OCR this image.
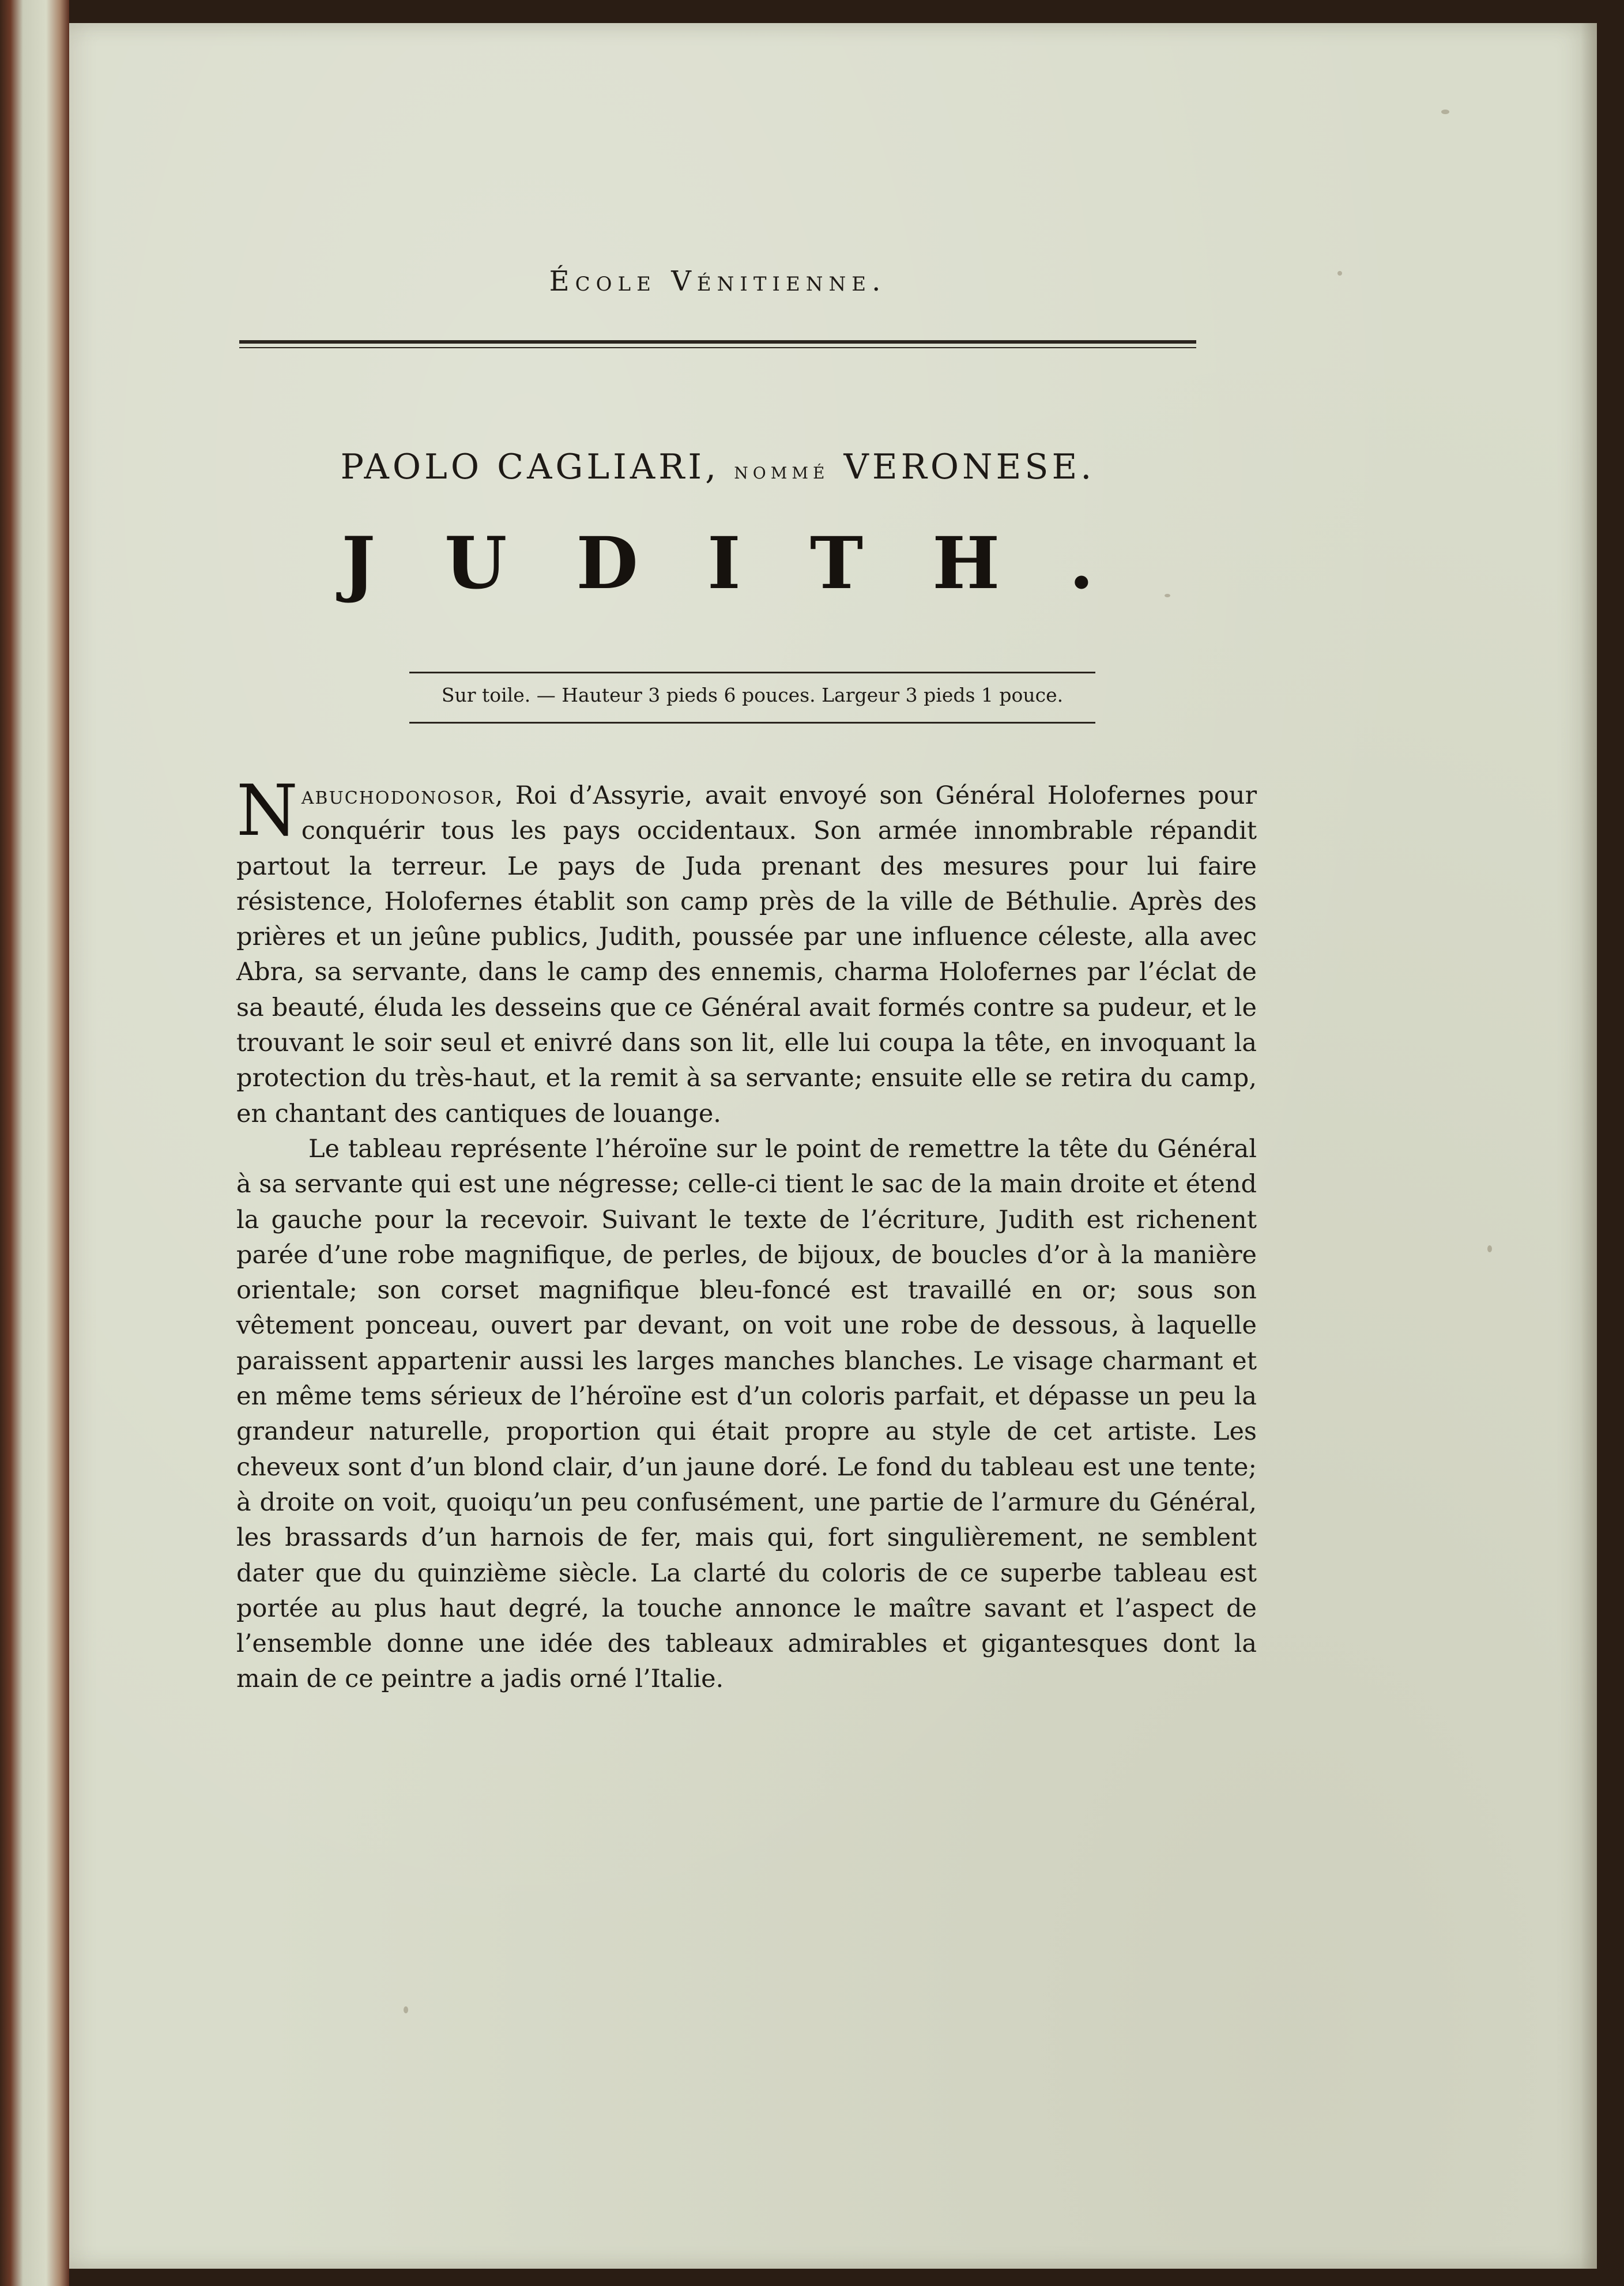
École Vénitienne.
PAOLO CAGLIARI, nommé VERONESE.
JUDITH.
Sur toile. — Hauteur 3 pieds 6 pouces. Largeur 3 pieds 1 pouce.

Nabuchodonosor, Roi d’Assyrie, avait envoyé son Général Holofernes pour conquérir tous les pays occidentaux. Son armée innombrable répandit partout la terreur. Le pays de Juda prenant des mesures pour lui faire résistence, Holofernes établit son camp près de la ville de Béthulie. Après des prières et un jeûne publics, Judith, poussée par une influence céleste, alla avec Abra, sa servante, dans le camp des ennemis, charma Holofernes par l’éclat de sa beauté, éluda les desseins que ce Général avait formés contre sa pudeur, et le trouvant le soir seul et enivré dans son lit, elle lui coupa la tête, en invoquant la protection du très-haut, et la remit à sa servante; ensuite elle se retira du camp, en chantant des cantiques de louange.

Le tableau représente l’héroïne sur le point de remettre la tête du Général à sa servante qui est une négresse; celle-ci tient le sac de la main droite et étend la gauche pour la recevoir. Suivant le texte de l’écriture, Judith est richenent parée d’une robe magnifique, de perles, de bijoux, de boucles d’or à la manière orientale; son corset magnifique bleu-foncé est travaillé en or; sous son vêtement ponceau, ouvert par devant, on voit une robe de dessous, à laquelle paraissent appartenir aussi les larges manches blanches. Le visage charmant et en même tems sérieux de l’héroïne est d’un coloris parfait, et dépasse un peu la grandeur naturelle, proportion qui était propre au style de cet artiste. Les cheveux sont d’un blond clair, d’un jaune doré. Le fond du tableau est une tente; à droite on voit, quoiqu’un peu confusément, une partie de l’armure du Général, les brassards d’un harnois de fer, mais qui, fort singulièrement, ne semblent dater que du quinzième siècle. La clarté du coloris de ce superbe tableau est portée au plus haut degré, la touche annonce le maître savant et l’aspect de l’ensemble donne une idée des tableaux admirables et gigantesques dont la main de ce peintre a jadis orné l’Italie.
